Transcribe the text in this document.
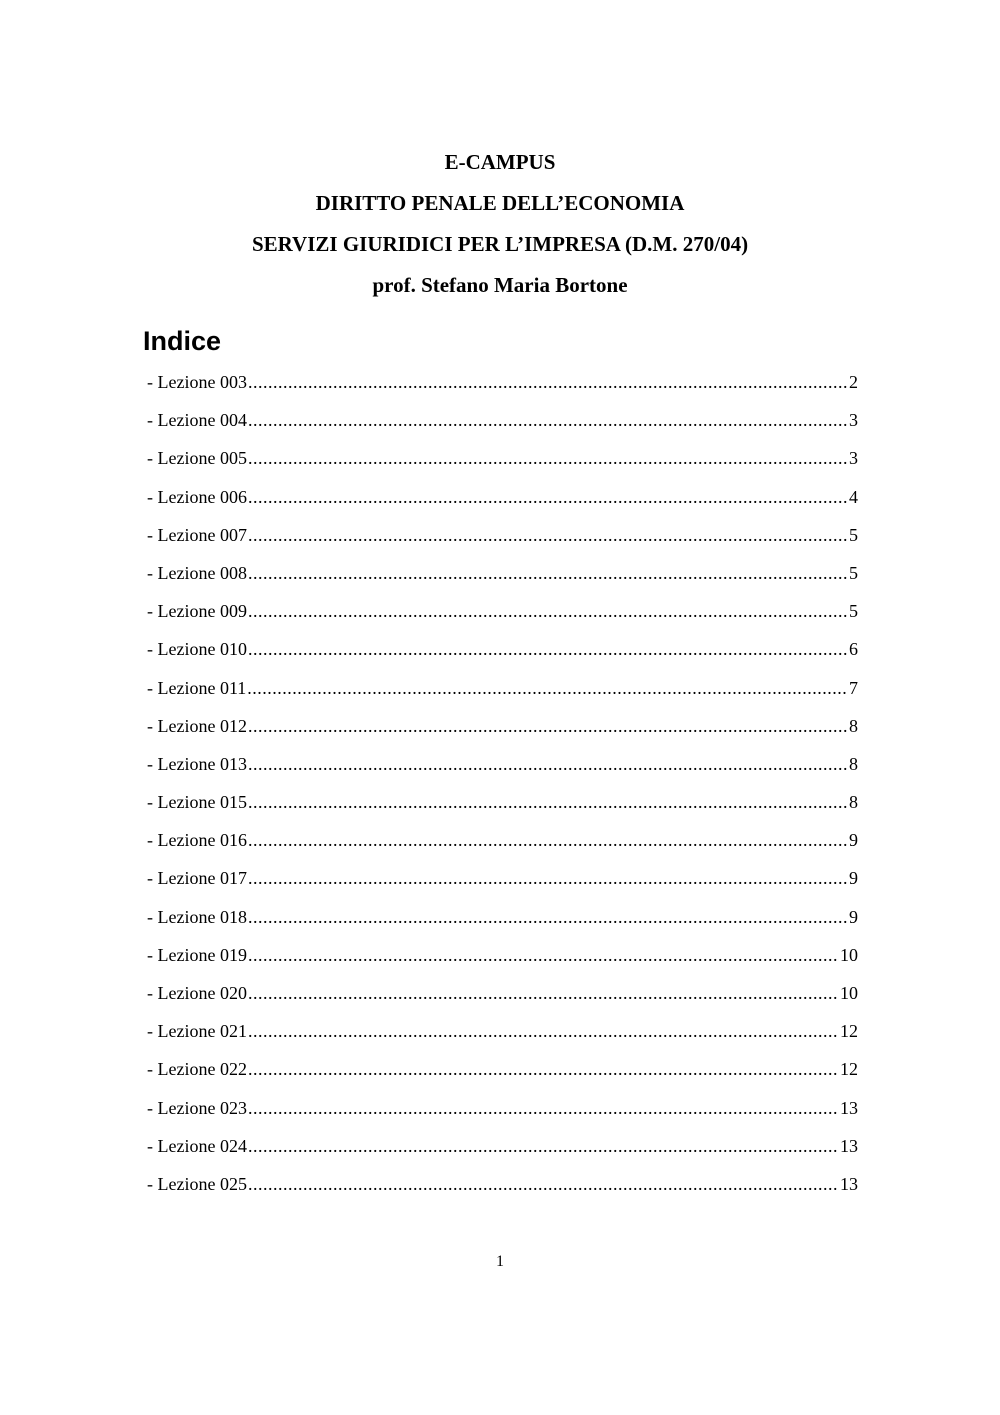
E-CAMPUS
DIRITTO PENALE DELL’ECONOMIA
SERVIZI GIURIDICI PER L’IMPRESA (D.M. 270/04)
prof. Stefano Maria Bortone
Indice
- Lezione 003 .....	2
- Lezione 004 .....	3
- Lezione 005 .....	3
- Lezione 006 .....	4
- Lezione 007 .....	5
- Lezione 008 .....	5
- Lezione 009 .....	5
- Lezione 010 .....	6
- Lezione 011 .....	7
- Lezione 012 .....	8
- Lezione 013 .....	8
- Lezione 015 .....	8
- Lezione 016 .....	9
- Lezione 017 .....	9
- Lezione 018 .....	9
- Lezione 019 .....	10
- Lezione 020 .....	10
- Lezione 021 .....	12
- Lezione 022 .....	12
- Lezione 023 .....	13
- Lezione 024 .....	13
- Lezione 025 .....	13
1
